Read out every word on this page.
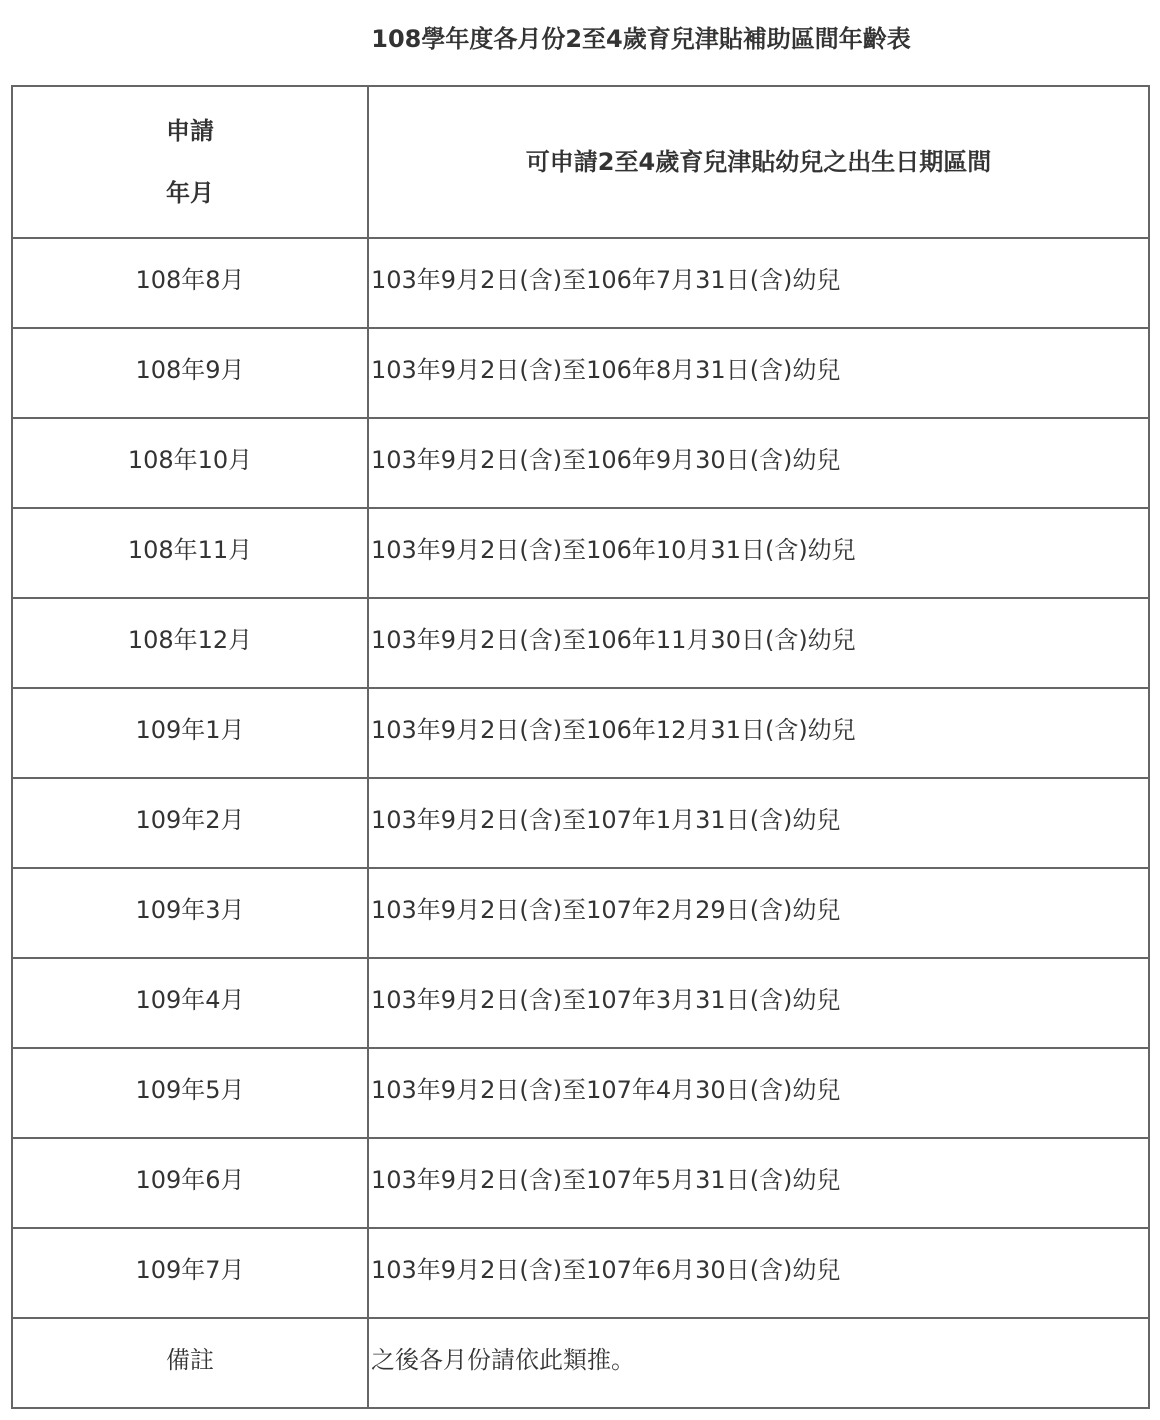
108學年度各月份2至4歲育兒津貼補助區間年齡表
申請
年月	可申請2至4歲育兒津貼幼兒之出生日期區間
108年8月	103年9月2日(含)至106年7月31日(含)幼兒
108年9月	103年9月2日(含)至106年8月31日(含)幼兒
108年10月	103年9月2日(含)至106年9月30日(含)幼兒
108年11月	103年9月2日(含)至106年10月31日(含)幼兒
108年12月	103年9月2日(含)至106年11月30日(含)幼兒
109年1月	103年9月2日(含)至106年12月31日(含)幼兒
109年2月	103年9月2日(含)至107年1月31日(含)幼兒
109年3月	103年9月2日(含)至107年2月29日(含)幼兒
109年4月	103年9月2日(含)至107年3月31日(含)幼兒
109年5月	103年9月2日(含)至107年4月30日(含)幼兒
109年6月	103年9月2日(含)至107年5月31日(含)幼兒
109年7月	103年9月2日(含)至107年6月30日(含)幼兒
備註	之後各月份請依此類推。
